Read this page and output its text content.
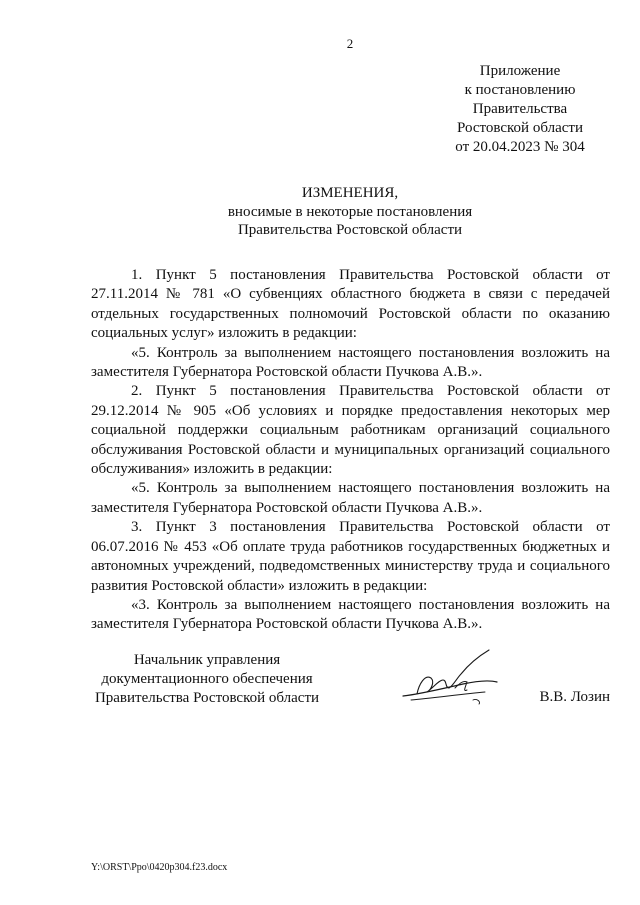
2
Приложение
к постановлению
Правительства
Ростовской области
от 20.04.2023 № 304
ИЗМЕНЕНИЯ,
вносимые в некоторые постановления
Правительства Ростовской области

1. Пункт 5 постановления Правительства Ростовской области от 27.11.2014 № 781 «О субвенциях областного бюджета в связи с передачей отдельных государственных полномочий Ростовской области по оказанию социальных услуг» изложить в редакции:

«5. Контроль за выполнением настоящего постановления возложить на заместителя Губернатора Ростовской области Пучкова А.В.».

2. Пункт 5 постановления Правительства Ростовской области от 29.12.2014 № 905 «Об условиях и порядке предоставления некоторых мер социальной поддержки социальным работникам организаций социального обслуживания Ростовской области и муниципальных организаций социального обслуживания» изложить в редакции:

«5. Контроль за выполнением настоящего постановления возложить на заместителя Губернатора Ростовской области Пучкова А.В.».

3. Пункт 3 постановления Правительства Ростовской области от 06.07.2016 № 453 «Об оплате труда работников государственных бюджетных и автономных учреждений, подведомственных министерству труда и социального развития Ростовской области» изложить в редакции:

«3. Контроль за выполнением настоящего постановления возложить на заместителя Губернатора Ростовской области Пучкова А.В.».

Начальник управления
документационного обеспечения
Правительства Ростовской области	В.В. Лозин
Y:\ORST\Ppo\0420p304.f23.docx
